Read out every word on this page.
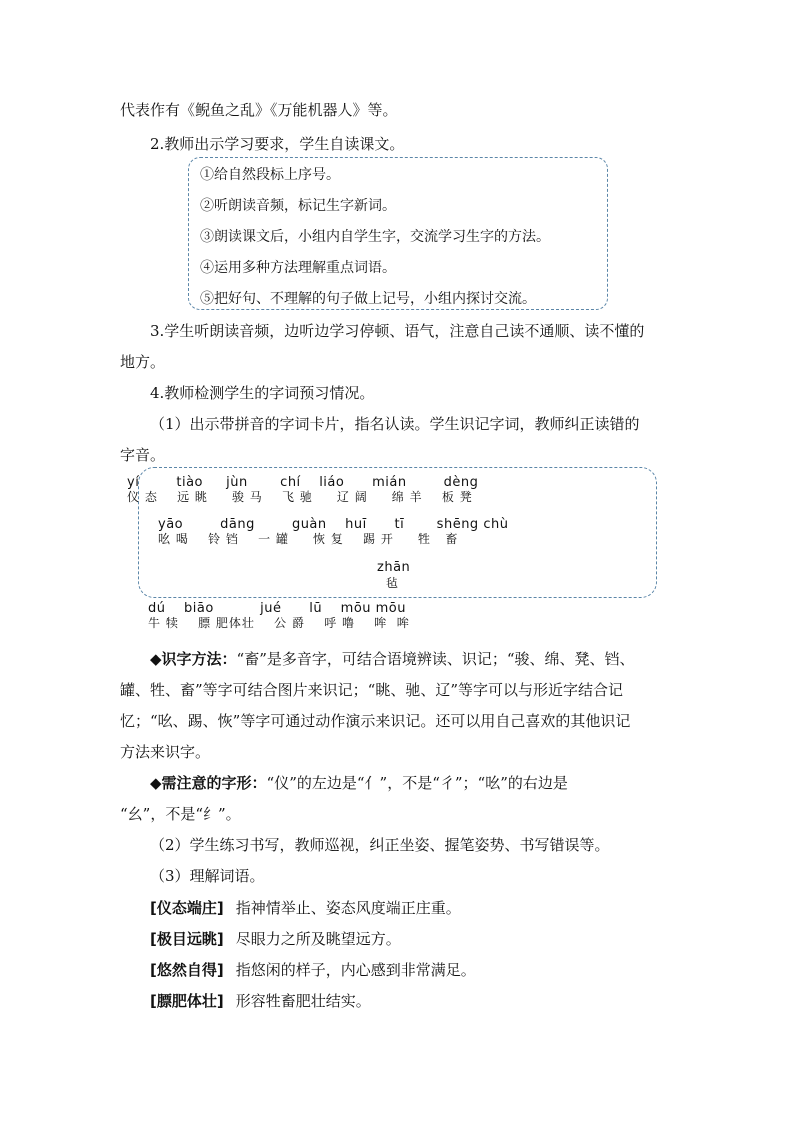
代表作有《鲵鱼之乱》《万能机器人》等。
2.教师出示学习要求，学生自读课文。
①给自然段标上序号。
②听朗读音频，标记生字新词。
③朗读课文后，小组内自学生字，交流学习生字的方法。
④运用多种方法理解重点词语。
⑤把好句、不理解的句子做上记号，小组内探讨交流。
3.学生听朗读音频，边听边学习停顿、语气，注意自己读不通顺、读不懂的
地方。
4.教师检测学生的字词预习情况。
（1）出示带拼音的字词卡片，指名认读。学生识记字词，教师纠正读错的
字音。
yí        tiào     jùn       chí    liáo      mián        dèng
仪 态    远 眺     骏 马    飞 驰     辽 阔     绵 羊    板 凳
yāo        dāng        guàn    huī      tī       shēng chù
吆 喝    铃 铛    一 罐     恢 复    踢 开     牲   畜
zhān
毡
dú    biāo          jué      lū    mōu mōu
牛 犊    膘 肥体壮    公 爵    呼 噜    哞  哞
◆识字方法：“畜”是多音字，可结合语境辨读、识记；“骏、绵、凳、铛、
罐、牲、畜”等字可结合图片来识记；“眺、驰、辽”等字可以与形近字结合记
忆；“吆、踢、恢”等字可通过动作演示来识记。还可以用自己喜欢的其他识记
方法来识字。
◆需注意的字形：“仪”的左边是“亻”，不是“彳”；“吆”的右边是
“幺”，不是“纟”。
（2）学生练习书写，教师巡视，纠正坐姿、握笔姿势、书写错误等。
（3）理解词语。
[仪态端庄] 指神情举止、姿态风度端正庄重。
[极目远眺] 尽眼力之所及眺望远方。
[悠然自得] 指悠闲的样子，内心感到非常满足。
[膘肥体壮] 形容牲畜肥壮结实。
